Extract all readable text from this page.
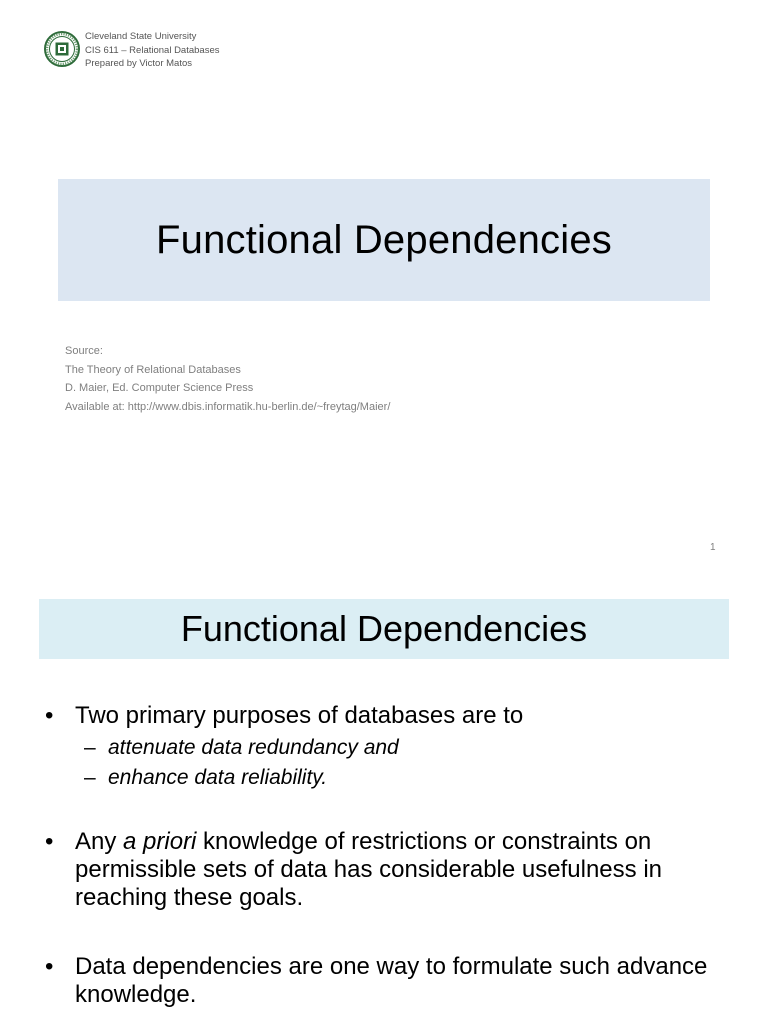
Cleveland State University
CIS 611 – Relational Databases
Prepared by Victor Matos
Functional Dependencies
Source:
The Theory of Relational Databases
D. Maier, Ed. Computer Science Press
Available at: http://www.dbis.informatik.hu-berlin.de/~freytag/Maier/
1
Functional Dependencies
• Two primary purposes of databases are to
– attenuate data redundancy and
– enhance data reliability.
• Any a priori knowledge of restrictions or constraints on permissible sets of data has considerable usefulness in reaching these goals.
• Data dependencies are one way to formulate such advance knowledge.
